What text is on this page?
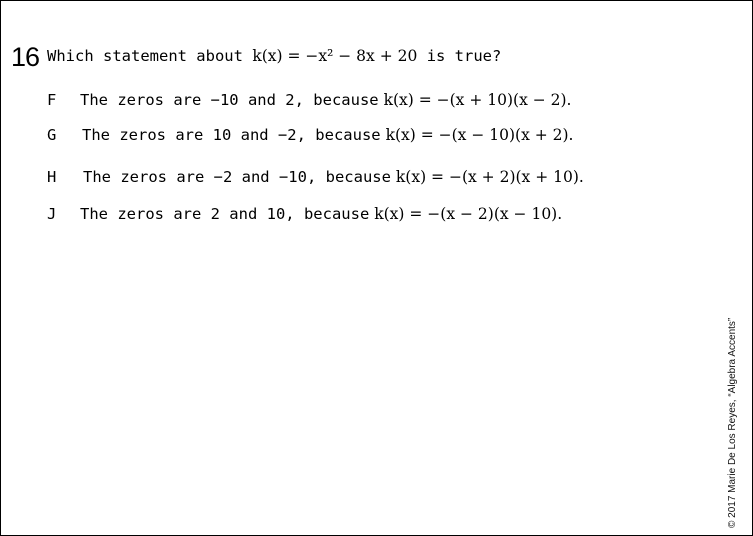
16 Which statement about k(x) = −x² − 8x + 20 is true?
F The zeros are −10 and 2, because k(x) = −(x + 10)(x − 2).
G The zeros are 10 and −2, because k(x) = −(x − 10)(x + 2).
H The zeros are −2 and −10, because k(x) = −(x + 2)(x + 10).
J The zeros are 2 and 10, because k(x) = −(x − 2)(x − 10).
© 2017 Marie De Los Reyes, “Algebra Accents”
